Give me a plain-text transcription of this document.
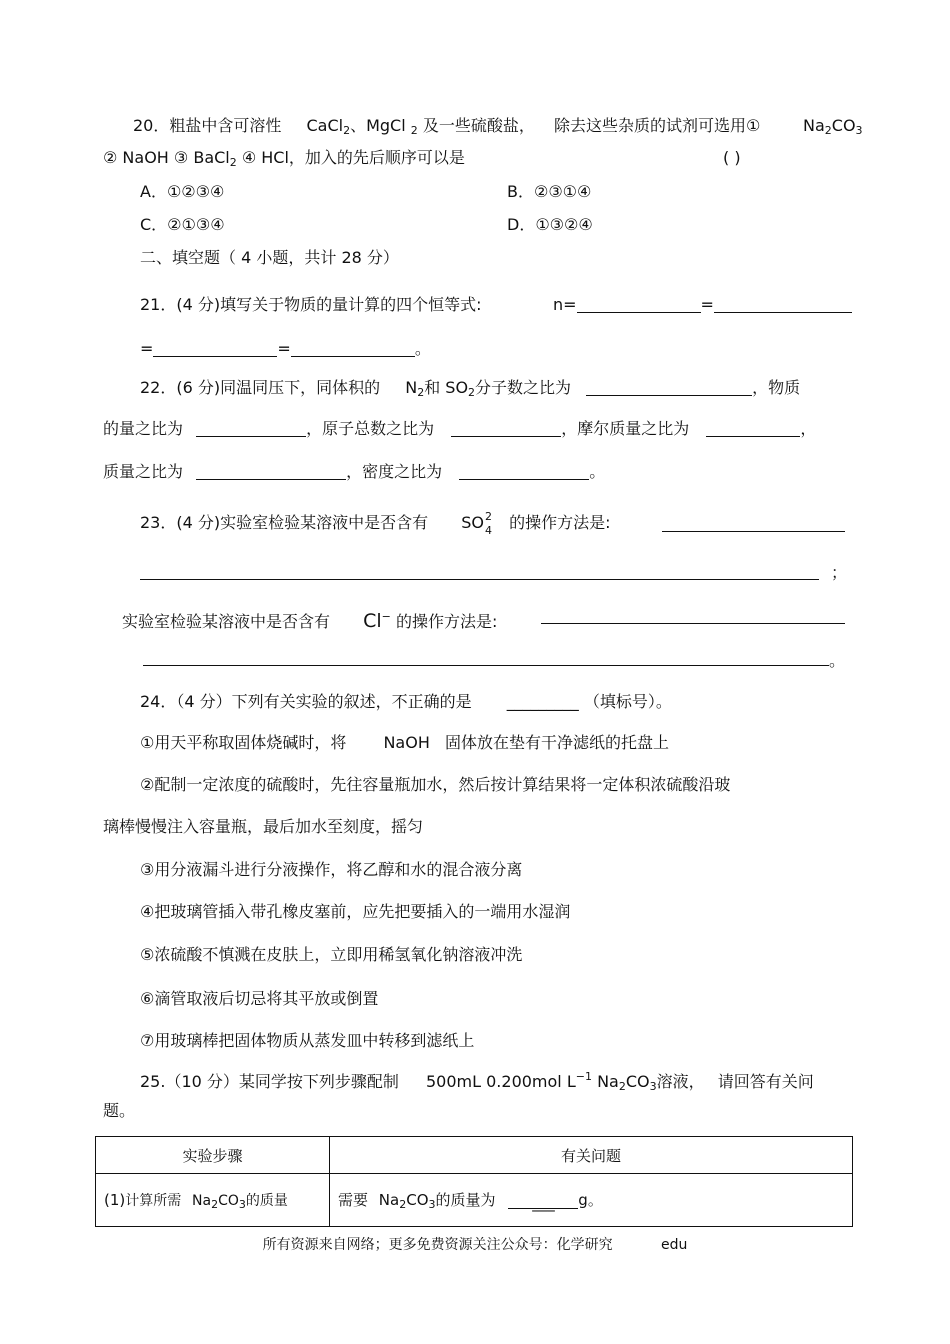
20．粗盐中含可溶性 CaCl$_2$、MgCl $_2$ 及一些硫酸盐， 除去这些杂质的试剂可选用①	$Na_2CO_3$
② NaOH ③ BaCl$_2$ ④ HCl，加入的先后顺序可以是	( )
A．①②③④	B．②③①④
C．②①③④	D．①③②④
二、填空题（ 4 小题，共计 28 分）
21．(4 分)填写关于物质的量计算的四个恒等式:	n=	=
=	=	。
22．(6 分)同温同压下，同体积的 $N_2$和 $SO_2$分子数之比为	，物质
的量之比为	，原子总数之比为	，摩尔质量之比为	，
质量之比为	，密度之比为	。
23．(4 分)实验室检验某溶液中是否含有 SO 2
4 的操作方法是:
；
实验室检验某溶液中是否含有 Cl− 的操作方法是:
。
24．（4 分）下列有关实验的叙述，不正确的是 _________ （填标号）。
①用天平称取固体烧碱时，将 NaOH 固体放在垫有干净滤纸的托盘上
②配制一定浓度的硫酸时，先往容量瓶加水，然后按计算结果将一定体积浓硫酸沿玻
璃棒慢慢注入容量瓶，最后加水至刻度，摇匀
③用分液漏斗进行分液操作，将乙醇和水的混合液分离
④把玻璃管插入带孔橡皮塞前，应先把要插入的一端用水湿润
⑤浓硫酸不慎溅在皮肤上，立即用稀氢氧化钠溶液冲洗
⑥滴管取液后切忌将其平放或倒置
⑦用玻璃棒把固体物质从蒸发皿中转移到滤纸上
25.（10 分）某同学按下列步骤配制 500mL 0.200mol $L^{-1}$ $Na_2CO_3$溶液， 请回答有关问
题。
实验步骤	有关问题
(1)计算所需 $Na_2CO_3$的质量	需要 $Na_2CO_3$的质量为 ___ g。
所有资源来自网络；更多免费资源关注公众号：化学研究	edu
